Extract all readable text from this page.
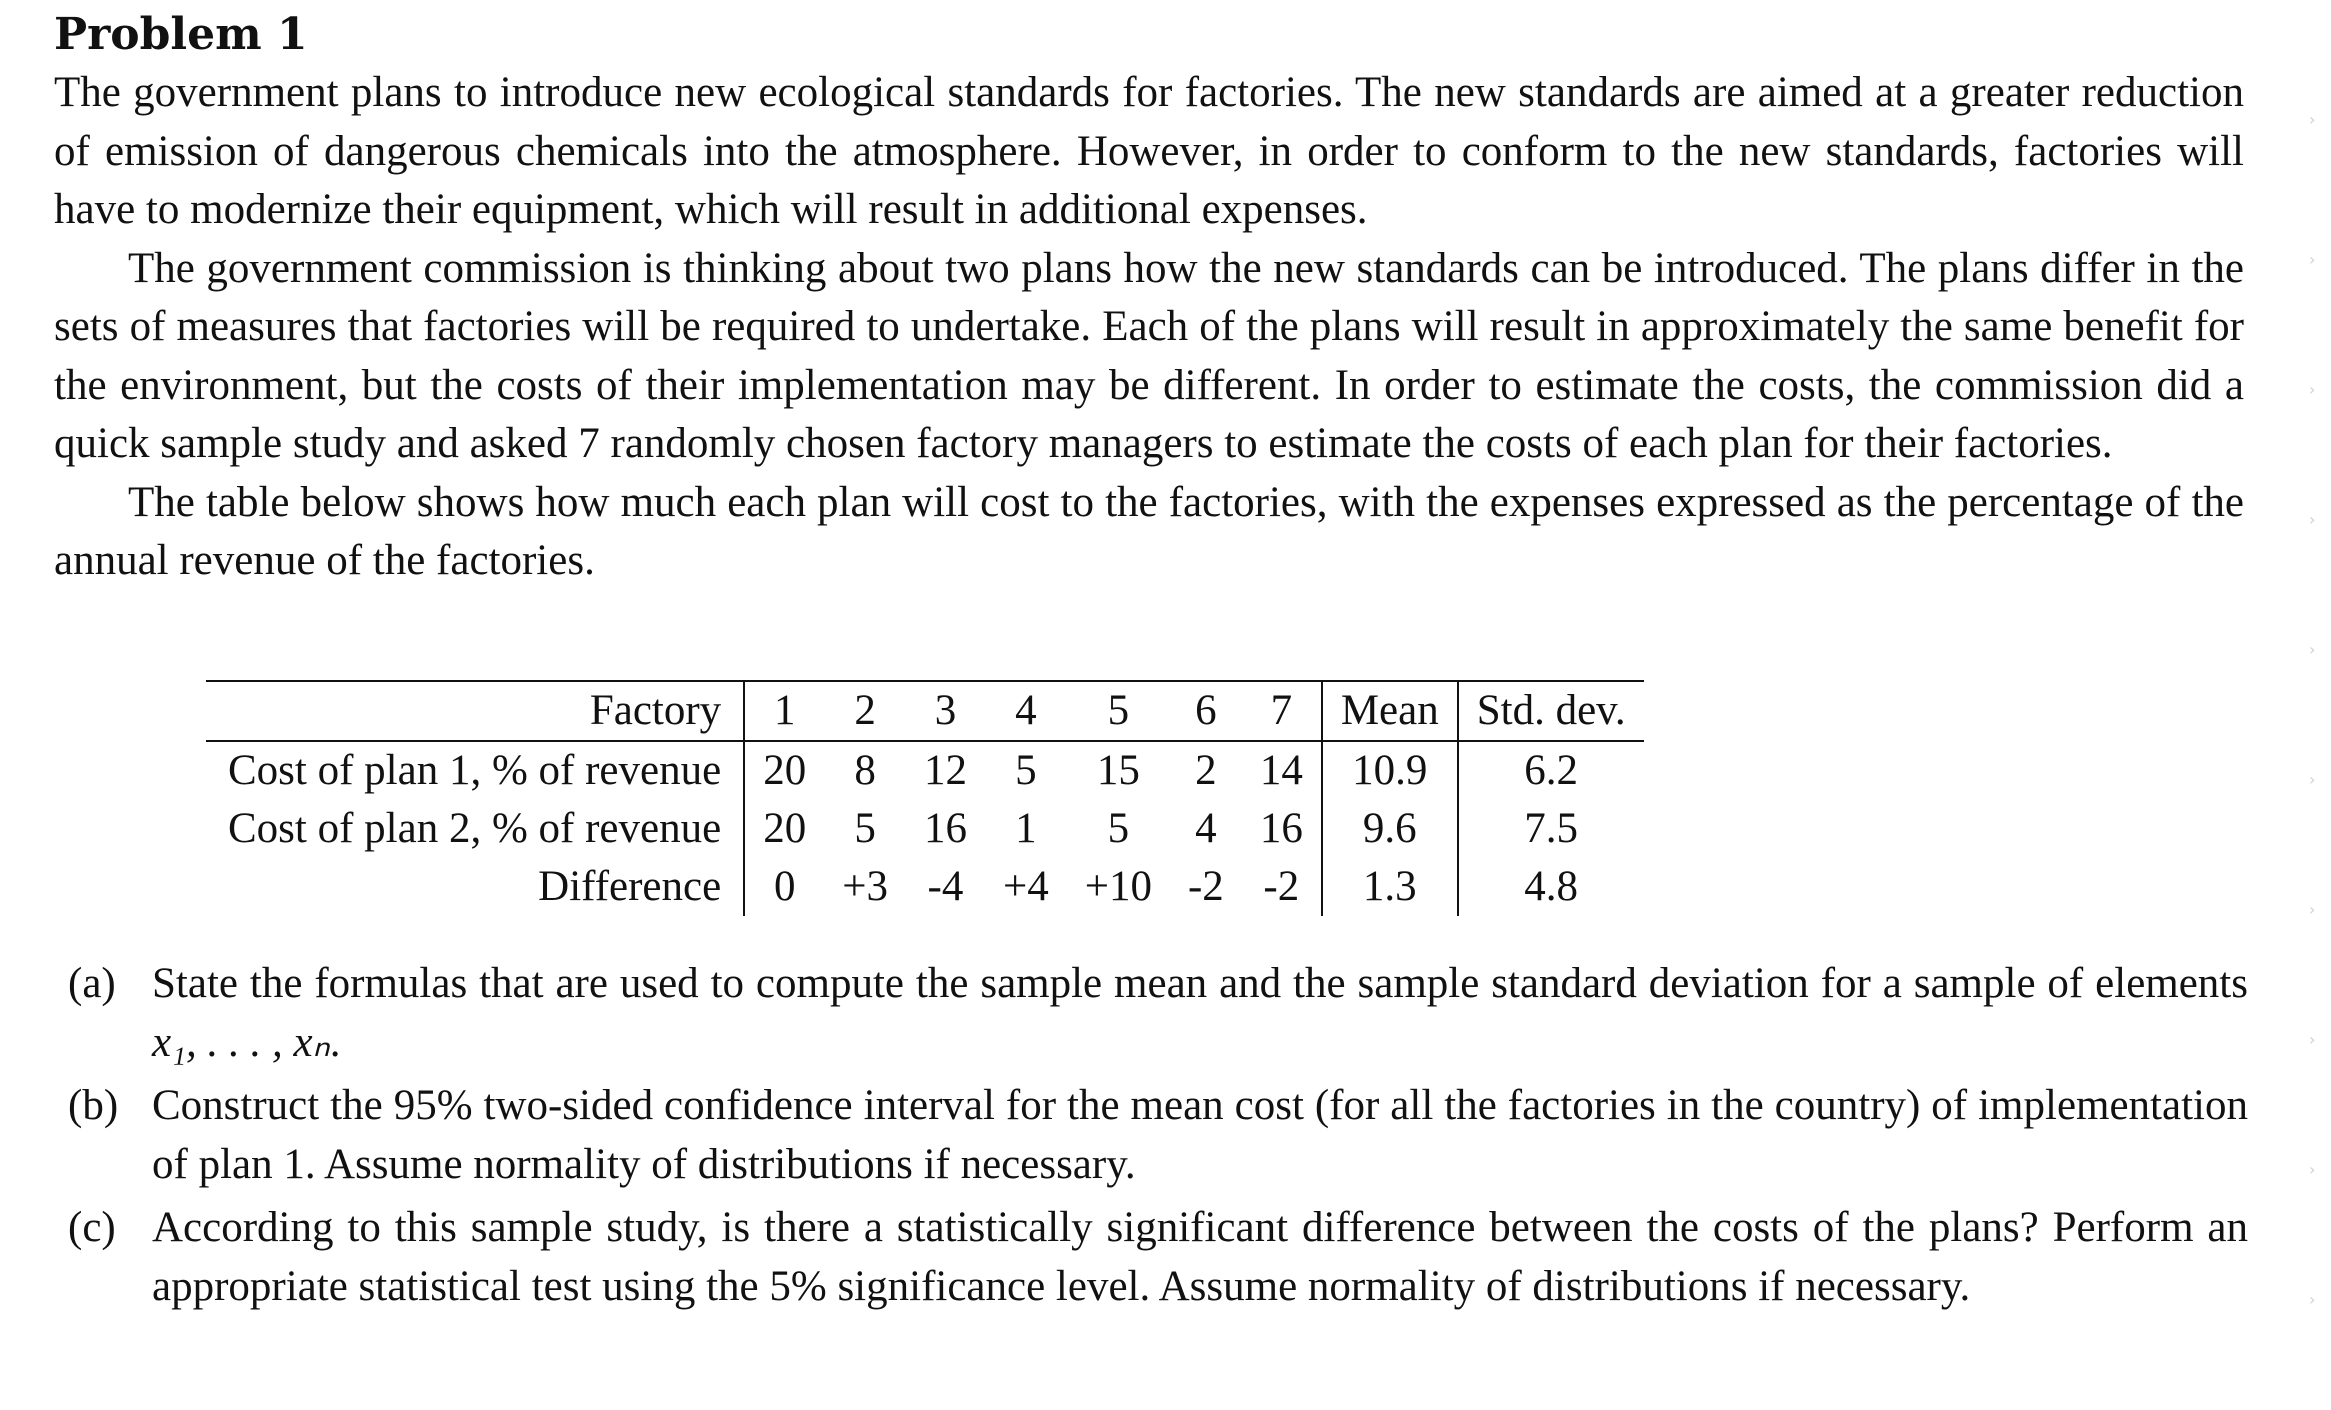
Problem 1

The government plans to introduce new ecological standards for factories. The new standards are aimed at a greater reduction of emission of dangerous chemicals into the atmosphere. However, in order to conform to the new standards, factories will have to modernize their equipment, which will result in additional expenses.

The government commission is thinking about two plans how the new standards can be introduced. The plans differ in the sets of measures that factories will be required to undertake. Each of the plans will result in approximately the same benefit for the environment, but the costs of their implementation may be different. In order to estimate the costs, the commission did a quick sample study and asked 7 randomly chosen factory managers to estimate the costs of each plan for their factories.

The table below shows how much each plan will cost to the factories, with the expenses expressed as the percentage of the annual revenue of the factories.

Factory	1	2	3	4	5	6	7	Mean	Std. dev.
Cost of plan 1, % of revenue	20	8	12	5	15	2	14	10.9	6.2
Cost of plan 2, % of revenue	20	5	16	1	5	4	16	9.6	7.5
Difference	0	+3	-4	+4	+10	-2	-2	1.3	4.8
(a) State the formulas that are used to compute the sample mean and the sample standard deviation for a sample of elements x₁, . . . , xₙ.
(b) Construct the 95% two-sided confidence interval for the mean cost (for all the factories in the country) of implementation of plan 1. Assume normality of distributions if necessary.
(c) According to this sample study, is there a statistically significant difference between the costs of the plans? Perform an appropriate statistical test using the 5% significance level. Assume normality of distributions if necessary.
›
›
›
›
›
›
›
›
›
›
